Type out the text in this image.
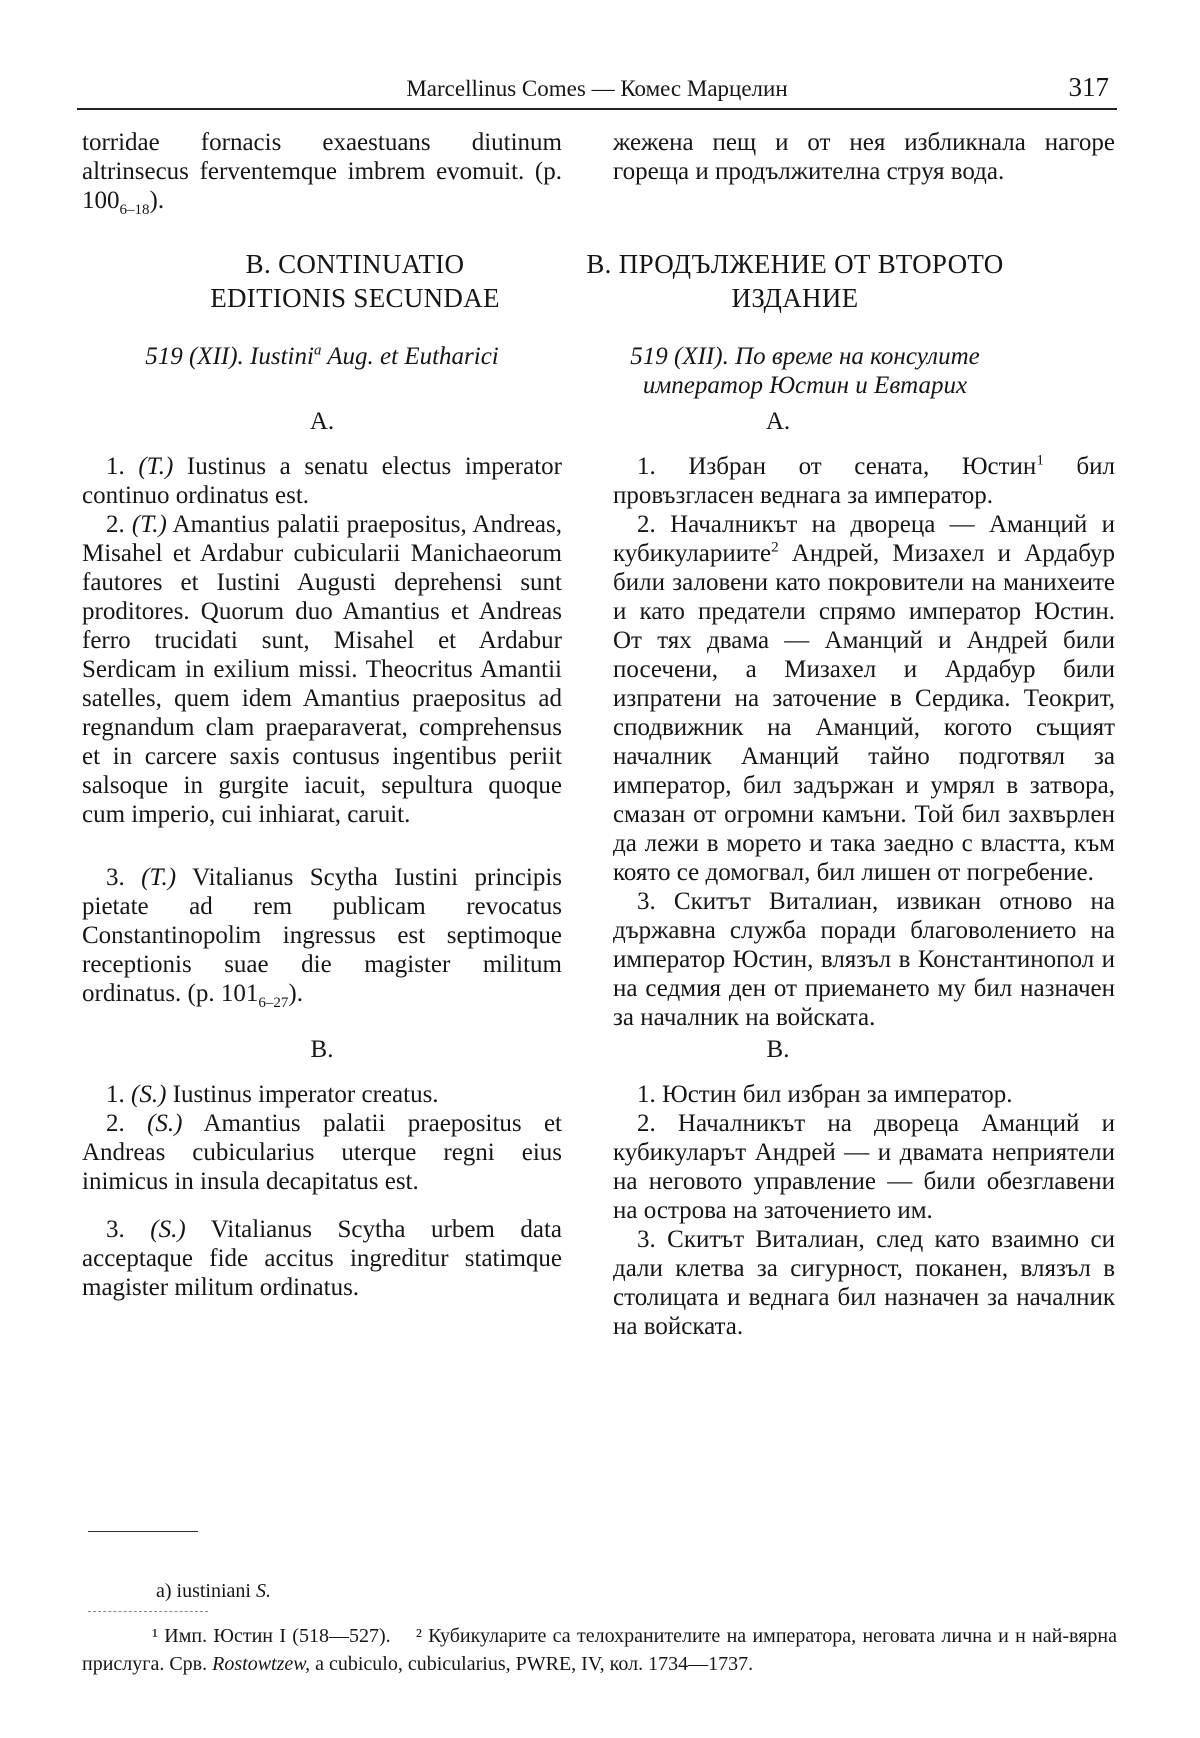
Marcellinus Comes — Комес Марцелин	317

torridae fornacis exaestuans diutinum altrinsecus ferventemque imbrem evomuit. (p. $100_{6-18}$).

жежена пещ и от нея избликнала нагоре гореща и продължителна струя вода.

B. CONTINUATIO EDITIONIS SECUNDAE
В. ПРОДЪЛЖЕНИЕ ОТ ВТОРОТО ИЗДАНИЕ
519 (XII). Iustini$^a$ Aug. et Eutharici	519 (XII). По време на консулите император Юстин и Евтарих
A.	А.

1. (T.) Iustinus a senatu electus imperator continuo ordinatus est.

2. (T.) Amantius palatii praepositus, Andreas, Misahel et Ardabur cubicularii Manichaeorum fautores et Iustini Augusti deprehensi sunt proditores. Quorum duo Amantius et Andreas ferro trucidati sunt, Misahel et Ardabur Serdicam in exilium missi. Theocritus Amantii satelles, quem idem Amantius praepositus ad regnandum clam praeparaverat, comprehensus et in carcere saxis contusus ingentibus periit salsoque in gurgite iacuit, sepultura quoque cum imperio, cui inhiarat, caruit.

3. (T.) Vitalianus Scytha Iustini principis pietate ad rem publicam revocatus Constantinopolim ingressus est septimoque receptionis suae die magister militum ordinatus. (p. $101_{6-27}$).

1. Избран от сената, Юстин$^1$ бил провъзгласен веднага за император.

2. Началникът на двореца — Аманций и кубикулариите$^2$ Андрей, Мизахел и Ардабур били заловени като покровители на манихеите и като предатели спрямо император Юстин. От тях двама — Аманций и Андрей били посечени, а Мизахел и Ардабур били изпратени на заточение в Сердика. Теокрит, сподвижник на Аманций, когото същият началник Аманций тайно подготвял за император, бил задържан и умрял в затвора, смазан от огромни камъни. Той бил захвърлен да лежи в морето и така заедно с властта, към която се домогвал, бил лишен от погребение.

3. Скитът Виталиан, извикан отново на държавна служба поради благоволението на император Юстин, влязъл в Константинопол и на седмия ден от приемането му бил назначен за началник на войската.

B.	В.

1. (S.) Iustinus imperator creatus.

2. (S.) Amantius palatii praepositus et Andreas cubicularius uterque regni eius inimicus in insula decapitatus est.

3. (S.) Vitalianus Scytha urbem data acceptaque fide accitus ingreditur statimque magister militum ordinatus.

1. Юстин бил избран за император.

2. Началникът на двореца Аманций и кубикуларът Андрей — и двамата неприятели на неговото управление — били обезглавени на острова на заточението им.

3. Скитът Виталиан, след като взаимно си дали клетва за сигурност, поканен, влязъл в столицата и веднага бил назначен за началник на войската.

a) iustiniani S.
¹ Имп. Юстин I (518—527). ² Кубикуларите са телохранителите на императора, неговата лична и н най-вярна прислуга. Срв. Rostowtzew, a cubiculo, cubicularius, PWRE, IV, кол. 1734—1737.
